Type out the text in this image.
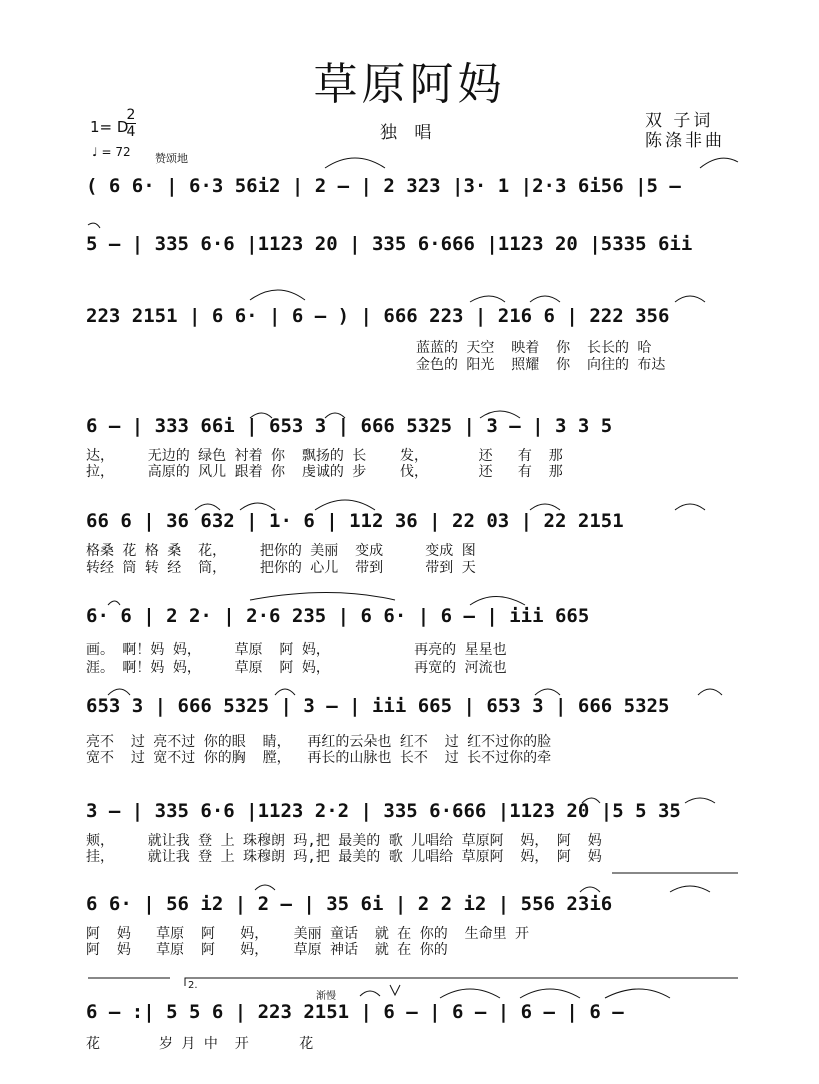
草原阿妈
独 唱
双 子词
陈涤非曲
1= D
2
4
♩ = 72 赞颂地
( 6 6· | 6·3 56i2 | 2 – | 2 323 |3· 1 |2·3 6i56 |5 –
5 – | 335 6·6 |1123 20 | 335 6·666 |1123 20 |5335 6ii
223 2151 | 6 6· | 6 – ) | 666 223 | 216 6 | 222 356
蓝蓝的 天空  映着  你  长长的 哈
金色的 阳光  照耀  你  向往的 布达
6 – | 333 66i | 653 3 | 666 5325 | 3 – | 3 3 5
达，    无边的 绿色 衬着 你  飘扬的 长    发，      还   有  那
拉，    高原的 风儿 跟着 你  虔诚的 步    伐，      还   有  那
66 6 | 36 632 | 1· 6 | 112 36 | 22 03 | 22 2151
格桑 花 格 桑  花，    把你的 美丽  变成     变成 图
转经 筒 转 经  筒，    把你的 心儿  带到     带到 天
6· 6 | 2 2· | 2·6 235 | 6 6· | 6 – | iii 665
画。 啊！妈 妈，    草原  阿 妈，          再亮的 星星也
涯。 啊！妈 妈，    草原  阿 妈，          再宽的 河流也
653 3 | 666 5325 | 3 – | iii 665 | 653 3 | 666 5325
亮不  过 亮不过 你的眼  睛，  再红的云朵也 红不  过 红不过你的脸
宽不  过 宽不过 你的胸  膛，  再长的山脉也 长不  过 长不过你的牵
3 – | 335 6·6 |1123 2·2 | 335 6·666 |1123 20 |5 5 35
颊，    就让我 登 上 珠穆朗 玛,把 最美的 歌 儿唱给 草原阿  妈， 阿  妈
挂，    就让我 登 上 珠穆朗 玛,把 最美的 歌 儿唱给 草原阿  妈， 阿  妈
6 6· | 56 i2 | 2 – | 35 6i | 2 2 i2 | 556 23i6
阿  妈   草原  阿   妈，   美丽 童话  就 在 你的  生命里 开
阿  妈   草原  阿   妈，   草原 神话  就 在 你的
6 – :| 5 5 6 | 223 2151 | 6 – | 6 – | 6 – | 6 –
花       岁 月 中  开      花
2.
渐慢
